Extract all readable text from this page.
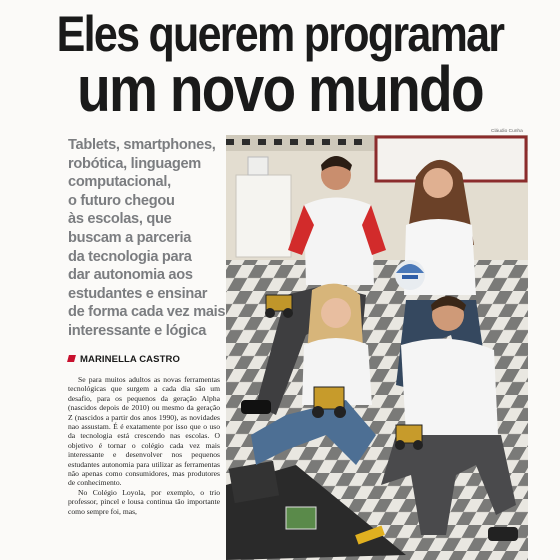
Eles querem programar
um novo mundo
Tablets, smartphones,
robótica, linguagem
computacional,
o futuro chegou
às escolas, que
buscam a parceria
da tecnologia para
dar autonomia aos
estudantes e ensinar
de forma cada vez mais
interessante e lógica
MARINELLA CASTRO

Se para muitos adultos as novas ferramentas tecnológicas que surgem a cada dia são um desafio, para os pequenos da geração Alpha (nascidos depois de 2010) ou mesmo da geração Z (nascidos a partir dos anos 1990), as novidades nao assustam. É é exatamente por isso que o uso da tecnologia está crescendo nas escolas. O objetivo é tornar o colégio cada vez mais interessante e desenvolver nos pequenos estudantes autonomia para utilizar as ferramentas não apenas como consumidores, mas produtores de conhecimento.

No Colégio Loyola, por exemplo, o trio professor, pincel e lousa continua tão importante como sempre foi, mas,

Cláudio Cunha
